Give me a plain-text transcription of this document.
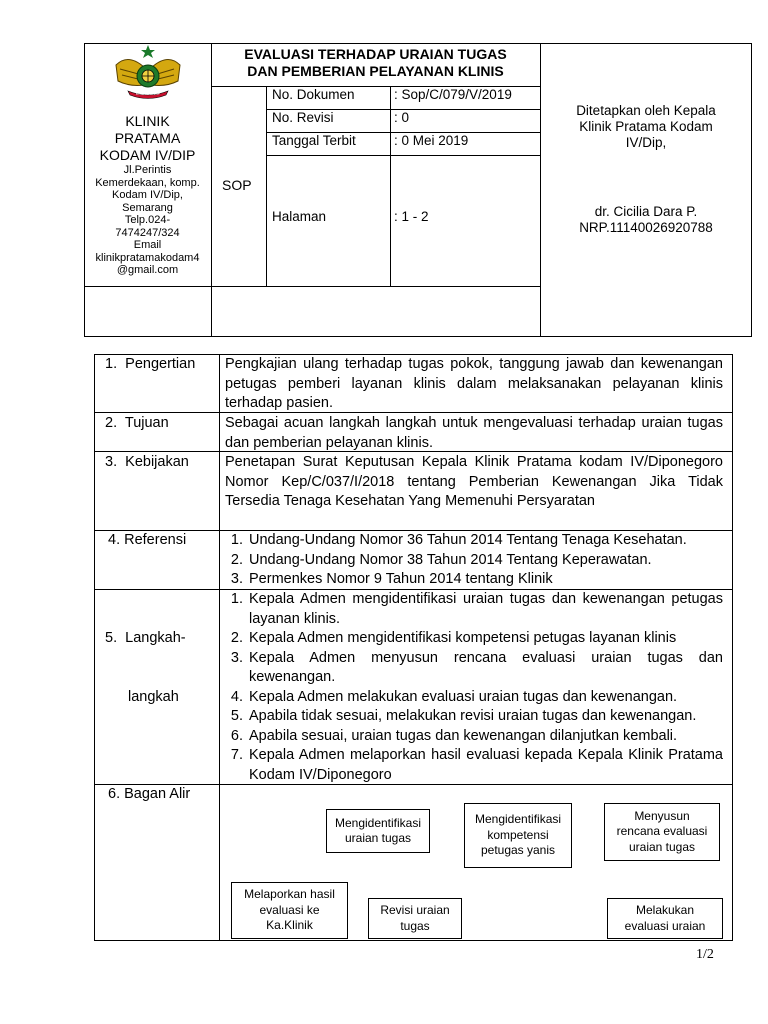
KODAM IV DIP
KLINIK
PRATAMA
KODAM IV/DIP
Jl.Perintis
Kemerdekaan, komp.
Kodam IV/Dip,
Semarang
Telp.024-
7474247/324
Email
klinikpratamakodam4
@gmail.com
EVALUASI TERHADAP URAIAN TUGAS
DAN PEMBERIAN PELAYANAN KLINIS
SOP
No. Dokumen	: Sop/C/079/V/2019
No. Revisi	: 0
Tanggal Terbit	: 0 Mei 2019
Halaman	: 1 - 2
Ditetapkan oleh Kepala
Klinik Pratama Kodam
IV/Dip,
dr. Cicilia Dara P.
NRP.11140026920788
1.  Pengertian Pengkajian ulang terhadap tugas pokok, tanggung jawab dan kewenangan petugas pemberi layanan klinis dalam melaksanakan pelayanan klinis terhadap pasien.
2.  Tujuan	Sebagai acuan langkah langkah untuk mengevaluasi terhadap uraian tugas dan pemberian pelayanan klinis.
3.  Kebijakan Penetapan Surat Keputusan Kepala Klinik Pratama kodam IV/Diponegoro Nomor Kep/C/037/I/2018 tentang Pemberian Kewenangan Jika Tidak Tersedia Tenaga Kesehatan Yang Memenuhi Persyaratan
4. Referensi
1.	Undang-Undang Nomor 36 Tahun 2014 Tentang Tenaga Kesehatan.
2. Undang-Undang Nomor 38 Tahun 2014 Tentang Keperawatan.
3. Permenkes Nomor 9 Tahun 2014 tentang Klinik

5.  Langkah-

langkah

1. Kepala Admen mengidentifikasi uraian tugas dan kewenangan petugas layanan klinis.
2. Kepala Admen mengidentifikasi kompetensi petugas layanan klinis
3. Kepala Admen menyusun rencana evaluasi uraian tugas dan kewenangan.
4. Kepala Admen melakukan evaluasi uraian tugas dan kewenangan.
5. Apabila tidak sesuai, melakukan revisi uraian tugas dan kewenangan.
6. Apabila sesuai, uraian tugas dan kewenangan dilanjutkan kembali.
7. Kepala Admen melaporkan hasil evaluasi kepada Kepala Klinik Pratama Kodam IV/Diponegoro
6. Bagan Alir
Mengidentifikasi uraian tugas
Mengidentifikasi kompetensi petugas yanis
Menyusun rencana evaluasi uraian tugas
Melaporkan hasil evaluasi ke Ka.Klinik
Revisi uraian tugas
Melakukan evaluasi uraian
1/2
